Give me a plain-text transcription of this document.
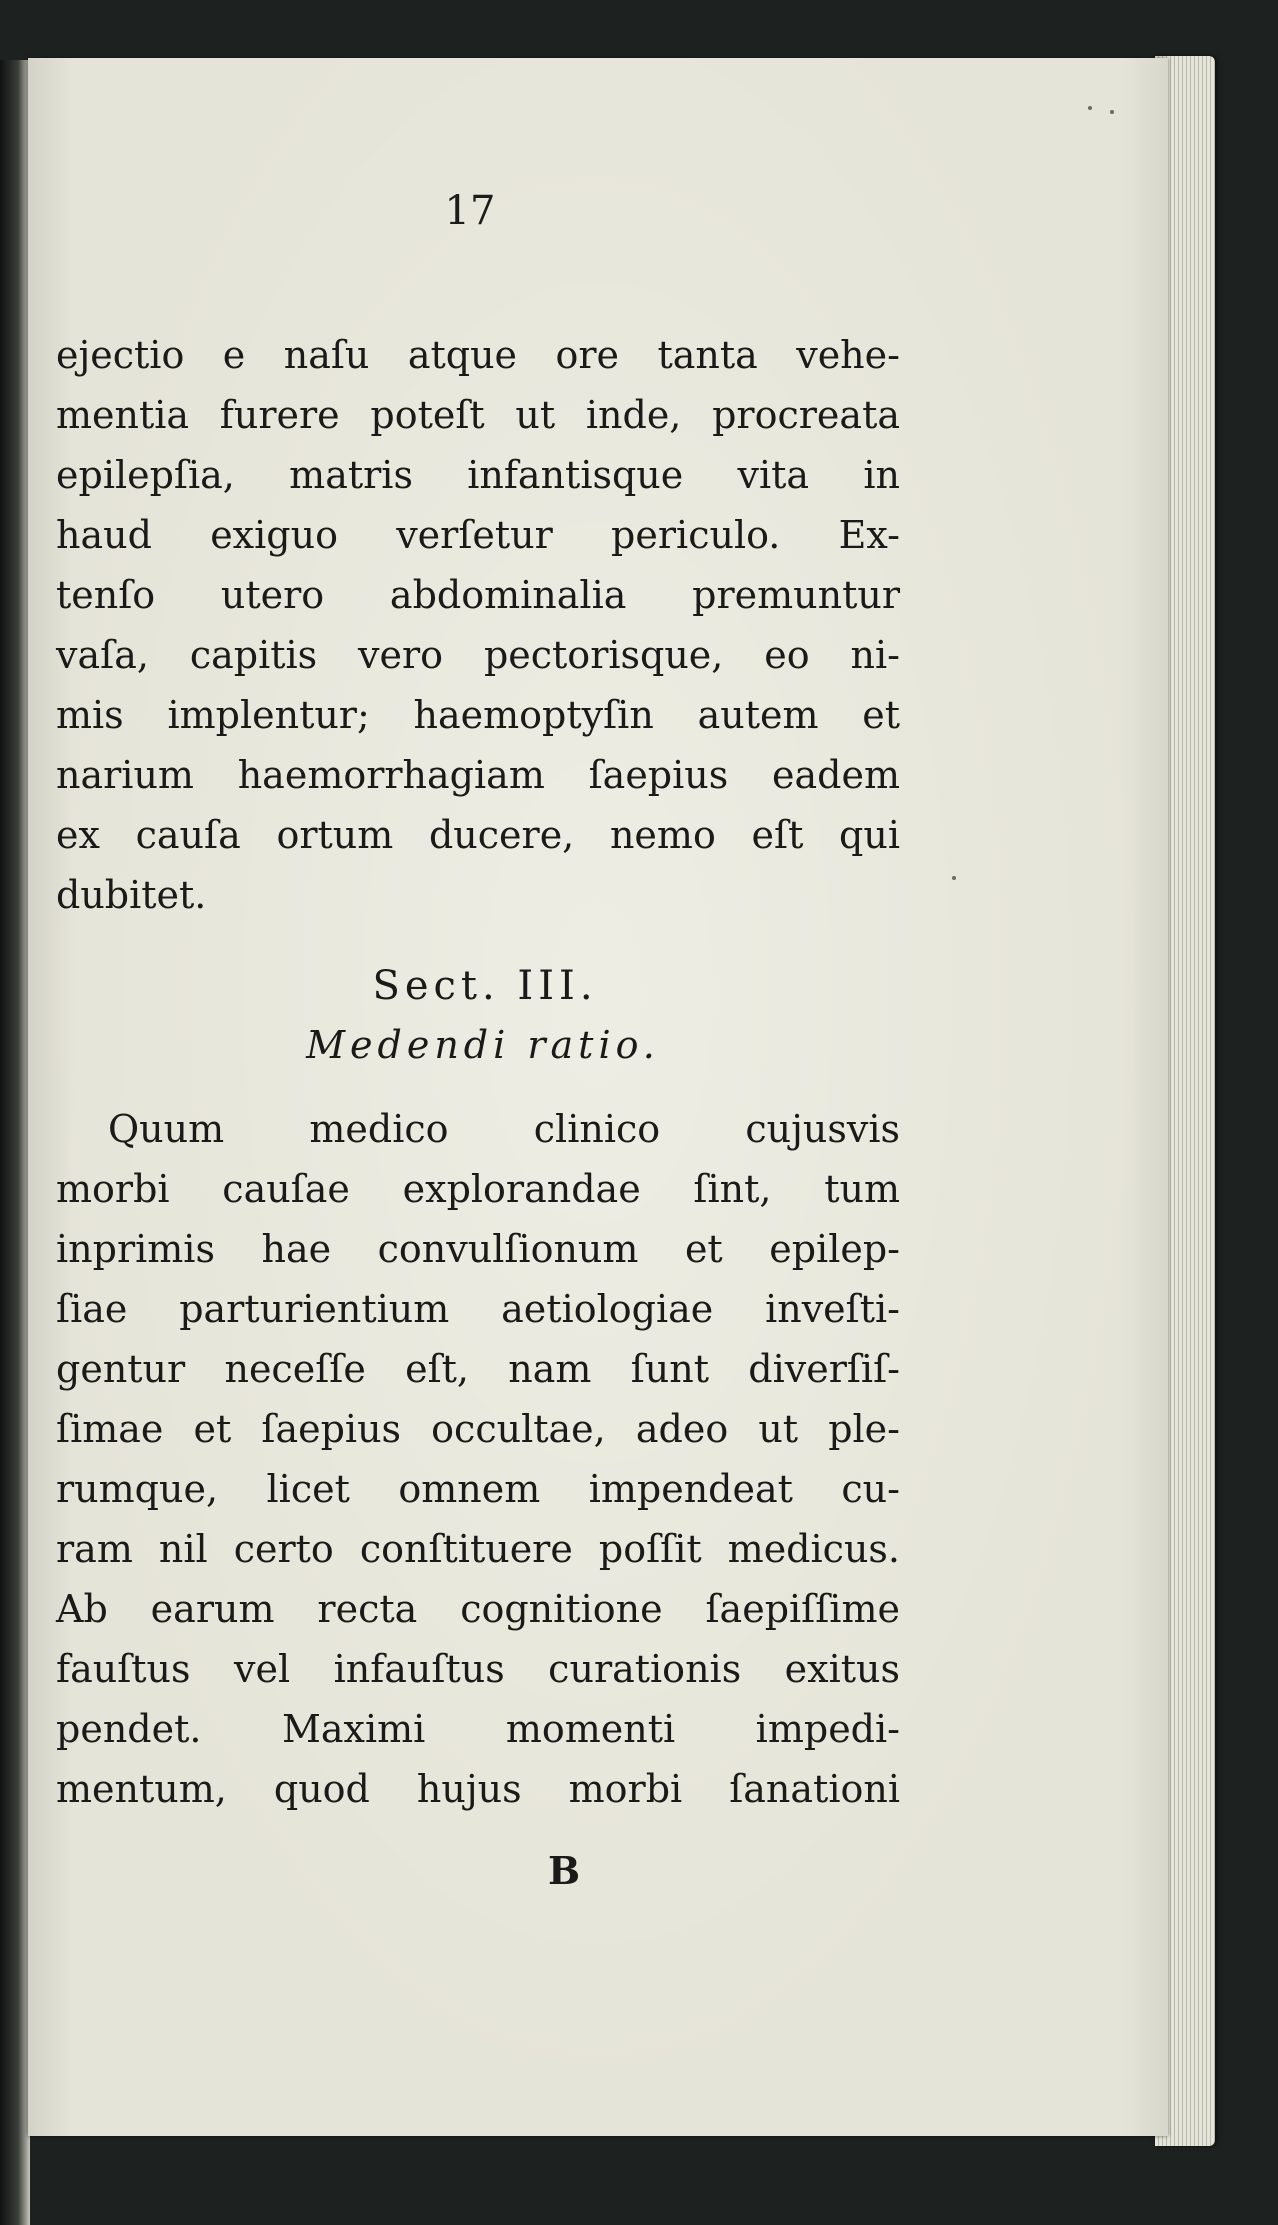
17
ejectio e naſu atque ore tanta vehe-
mentia furere poteſt ut inde, procreata
epilepſia, matris infantisque vita in
haud exiguo verſetur periculo. Ex-
tenſo utero abdominalia premuntur
vaſa, capitis vero pectorisque, eo ni-
mis implentur; haemoptyſin autem et
narium haemorrhagiam ſaepius eadem
ex cauſa ortum ducere, nemo eſt qui
dubitet.
Sect. III.
Medendi ratio.
Quum medico clinico cujusvis
morbi cauſae explorandae ſint, tum
inprimis hae convulſionum et epilep-
ſiae parturientium aetiologiae inveſti-
gentur neceſſe eſt, nam ſunt diverſiſ-
ſimae et ſaepius occultae, adeo ut ple-
rumque, licet omnem impendeat cu-
ram nil certo conſtituere poſſit medicus.
Ab earum recta cognitione ſaepiſſime
fauſtus vel infauſtus curationis exitus
pendet. Maximi momenti impedi-
mentum, quod hujus morbi ſanationi
B
